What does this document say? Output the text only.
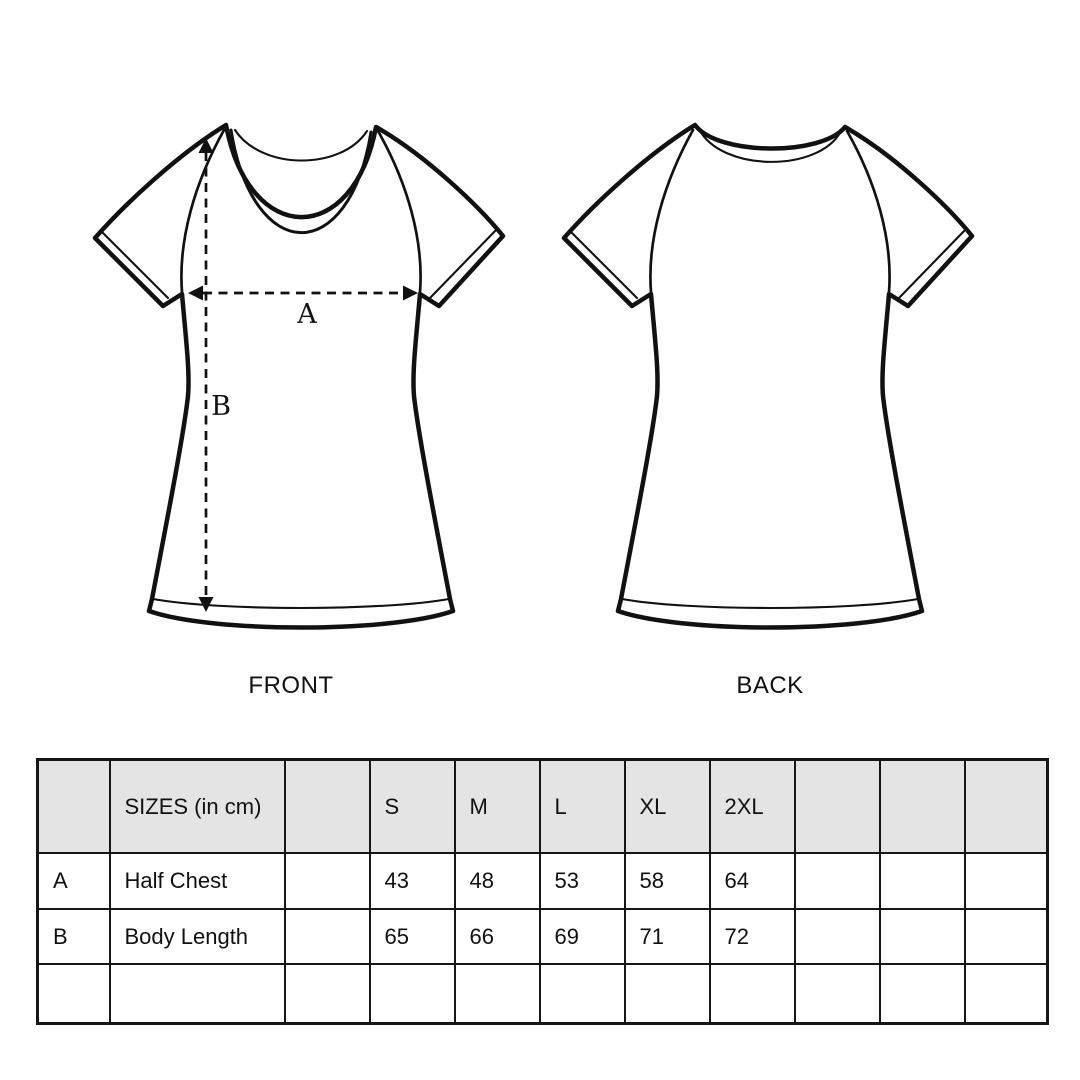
A
B
FRONT	BACK
	SIZES (in cm)		S	M	L	XL	2XL			
A	Half Chest		43	48	53	58	64			
B	Body Length		65	66	69	71	72			
